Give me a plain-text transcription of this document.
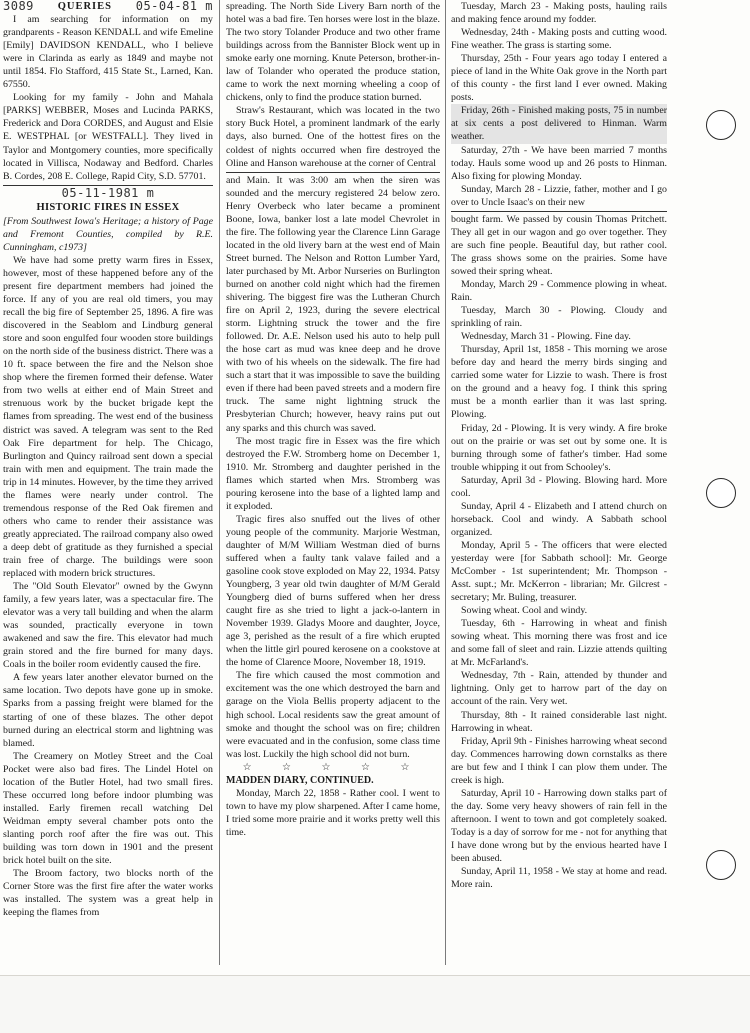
3089 QUERIES 05-04-81 m

I am searching for information on my grandparents - Reason KENDALL and wife Emeline [Emily] DAVIDSON KENDALL, who I believe were in Clarinda as early as 1849 and maybe not until 1854. Flo Stafford, 415 State St., Larned, Kan. 67550.

Looking for my family - John and Mahala [PARKS] WEBBER, Moses and Lucinda PARKS, Frederick and Dora CORDES, and August and Elsie E. WESTPHAL [or WESTFALL]. They lived in Taylor and Montgomery counties, more specifically located in Villisca, Nodaway and Bedford. Charles B. Cordes, 208 E. College, Rapid City, S.D. 57701.

05-11-1981 m
HISTORIC FIRES IN ESSEX

[From Southwest Iowa's Heritage; a history of Page and Fremont Counties, compiled by R.E. Cunningham, c1973]

We have had some pretty warm fires in Essex, however, most of these happened before any of the present fire department members had joined the force. If any of you are real old timers, you may recall the big fire of September 25, 1896. A fire was discovered in the Seablom and Lindburg general store and soon engulfed four wooden store buildings on the north side of the business district. There was a 10 ft. space between the fire and the Nelson shoe shop where the firemen formed their defense. Water from two wells at either end of Main Street and strenuous work by the bucket brigade kept the flames from spreading. The west end of the business district was saved. A telegram was sent to the Red Oak Fire department for help. The Chicago, Burlington and Quincy railroad sent down a special train with men and equipment. The train made the trip in 14 minutes. However, by the time they arrived the flames were nearly under control. The tremendous response of the Red Oak firemen and others who came to render their assistance was greatly appreciated. The railroad company also owed a deep debt of gratitude as they furnished a special train free of charge. The buildings were soon replaced with modern brick structures.

The "Old South Elevator" owned by the Gwynn family, a few years later, was a spectacular fire. The elevator was a very tall building and when the alarm was sounded, practically everyone in town awakened and saw the fire. This elevator had much grain stored and the fire burned for many days. Coals in the boiler room evidently caused the fire.

A few years later another elevator burned on the same location. Two depots have gone up in smoke. Sparks from a passing freight were blamed for the starting of one of these blazes. The other depot burned during an electrical storm and lightning was blamed.

The Creamery on Motley Street and the Coal Pocket were also bad fires. The Lindel Hotel on location of the Butler Hotel, had two small fires. These occurred long before indoor plumbing was installed. Early firemen recall watching Del Weidman empty several chamber pots onto the slanting porch roof after the fire was out. This building was torn down in 1901 and the present brick hotel built on the site.

The Broom factory, two blocks north of the Corner Store was the first fire after the water works was installed. The system was a great help in keeping the flames from

spreading. The North Side Livery Barn north of the hotel was a bad fire. Ten horses were lost in the blaze. The two story Tolander Produce and two other frame buildings across from the Bannister Block went up in smoke early one morning. Knute Peterson, brother-in-law of Tolander who operated the produce station, came to work the next morning wheeling a coop of chickens, only to find the produce station burned.

Straw's Restaurant, which was located in the two story Buck Hotel, a prominent landmark of the early days, also burned. One of the hottest fires on the coldest of nights occurred when fire destroyed the Oline and Hanson warehouse at the corner of Central

and Main. It was 3:00 am when the siren was sounded and the mercury registered 24 below zero. Henry Overbeck who later became a prominent Boone, Iowa, banker lost a late model Chevrolet in the fire. The following year the Clarence Linn Garage located in the old livery barn at the west end of Main Street burned. The Nelson and Rotton Lumber Yard, later purchased by Mt. Arbor Nurseries on Burlington burned on another cold night which had the firemen shivering. The biggest fire was the Lutheran Church fire on April 2, 1923, during the severe electrical storm. Lightning struck the tower and the fire followed. Dr. A.E. Nelson used his auto to help pull the hose cart as mud was knee deep and he drove with two of his wheels on the sidewalk. The fire had such a start that it was impossible to save the building even if there had been paved streets and a modern fire truck. The same night lightning struck the Presbyterian Church; however, heavy rains put out any sparks and this church was saved.

The most tragic fire in Essex was the fire which destroyed the F.W. Stromberg home on December 1, 1910. Mr. Stromberg and daughter perished in the flames which started when Mrs. Stromberg was pouring kerosene into the base of a lighted lamp and it exploded.

Tragic fires also snuffed out the lives of other young people of the community. Marjorie Westman, daughter of M/M William Westman died of burns suffered when a faulty tank valave failed and a gasoline cook stove exploded on May 22, 1934. Patsy Youngberg, 3 year old twin daughter of M/M Gerald Youngberg died of burns suffered when her dress caught fire as she tried to light a jack-o-lantern in November 1939. Gladys Moore and daughter, Joyce, age 3, perished as the result of a fire which erupted when the little girl poured kerosene on a cookstove at the home of Clarence Moore, November 18, 1919.

The fire which caused the most commotion and excitement was the one which destroyed the barn and garage on the Viola Bellis property adjacent to the high school. Local residents saw the great amount of smoke and thought the school was on fire; children were evacuated and in the confusion, some class time was lost. Luckily the high school did not burn.

☆ ☆ ☆ ☆ ☆

MADDEN DIARY, CONTINUED.

Monday, March 22, 1858 - Rather cool. I went to town to have my plow sharpened. After I came home, I tried some more prairie and it works pretty well this time.

Tuesday, March 23 - Making posts, hauling rails and making fence around my fodder.

Wednesday, 24th - Making posts and cutting wood. Fine weather. The grass is starting some.

Thursday, 25th - Four years ago today I entered a piece of land in the White Oak grove in the North part of this county - the first land I ever owned. Making posts.

Friday, 26th - Finished making posts, 75 in number at six cents a post delivered to Hinman. Warm weather.

Saturday, 27th - We have been married 7 months today. Hauls some wood up and 26 posts to Hinman. Also fixing for plowing Monday.

Sunday, March 28 - Lizzie, father, mother and I go over to Uncle Isaac's on their new

bought farm. We passed by cousin Thomas Pritchett. They all get in our wagon and go over together. They are such fine people. Beautiful day, but rather cool. The grass shows some on the prairies. Some have sowed their spring wheat.

Monday, March 29 - Commence plowing in wheat. Rain.

Tuesday, March 30 - Plowing. Cloudy and sprinkling of rain.

Wednesday, March 31 - Plowing. Fine day.

Thursday, April 1st, 1858 - This morning we arose before day and heard the merry birds singing and carried some water for Lizzie to wash. There is frost on the ground and a heavy fog. I think this spring must be a month earlier than it was last spring. Plowing.

Friday, 2d - Plowing. It is very windy. A fire broke out on the prairie or was set out by some one. It is burning through some of father's timber. Had some trouble whipping it out from Schooley's.

Saturday, April 3d - Plowing. Blowing hard. More cool.

Sunday, April 4 - Elizabeth and I attend church on horseback. Cool and windy. A Sabbath school organized.

Monday, April 5 - The officers that were elected yesterday were [for Sabbath school]: Mr. George McComber - 1st superintendent; Mr. Thompson - Asst. supt.; Mr. McKerron - librarian; Mr. Gilcrest - secretary; Mr. Buling, treasurer.

Sowing wheat. Cool and windy.

Tuesday, 6th - Harrowing in wheat and finish sowing wheat. This morning there was frost and ice and some fall of sleet and rain. Lizzie attends quilting at Mr. McFarland's.

Wednesday, 7th - Rain, attended by thunder and lightning. Only get to harrow part of the day on account of the rain. Very wet.

Thursday, 8th - It rained considerable last night. Harrowing in wheat.

Friday, April 9th - Finishes harrowing wheat second day. Commences harrowing down cornstalks as there are but few and I think I can plow them under. The creek is high.

Saturday, April 10 - Harrowing down stalks part of the day. Some very heavy showers of rain fell in the afternoon. I went to town and got completely soaked. Today is a day of sorrow for me - not for anything that I have done wrong but by the envious hearted have I been abused.

Sunday, April 11, 1958 - We stay at home and read. More rain.
